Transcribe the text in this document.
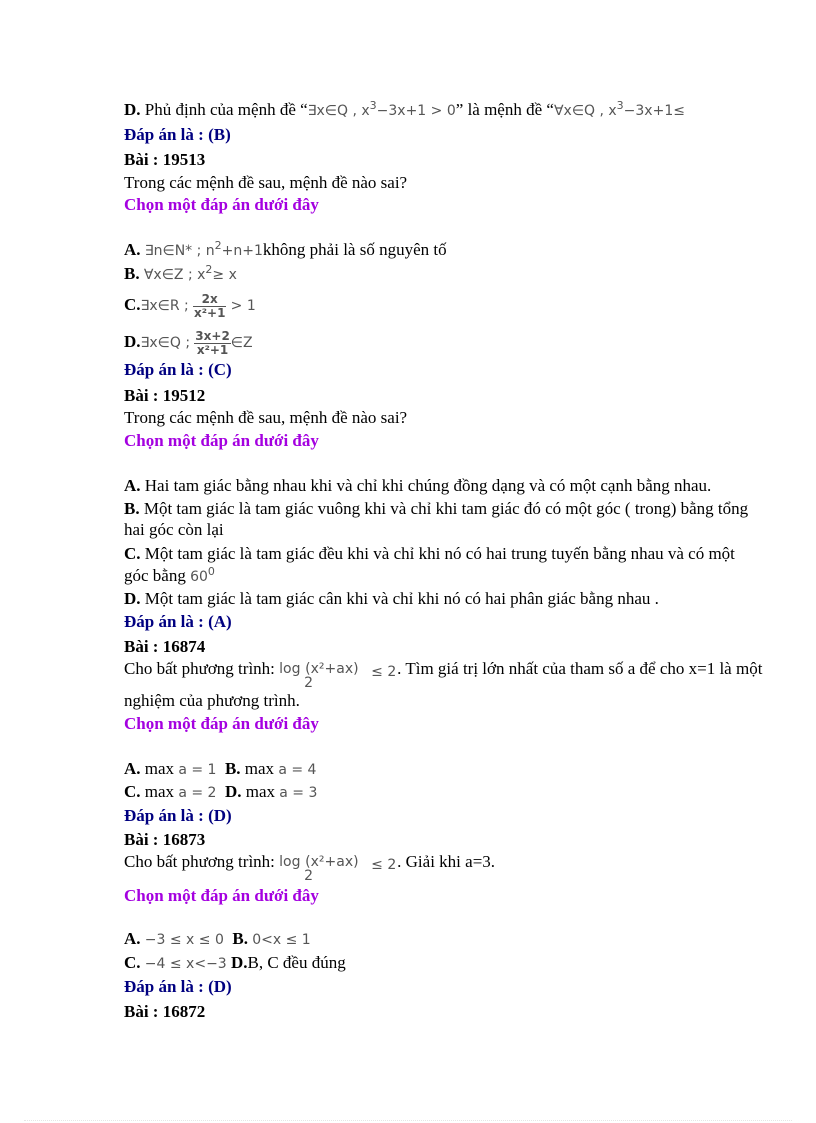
D. Phủ định của mệnh đề “∃x∈Q , $x^3-3x+1 > 0$” là mệnh đề “∀x∈Q , $x^3-3x+1\le$
Đáp án là : (B)
Bài : 19513
Trong các mệnh đề sau, mệnh đề nào sai?
Chọn một đáp án dưới đây
A. ∃n∈N* ; $n^2+n+1không$ phải là số nguyên tố
B. ∀x∈Z ; $x^2\ge x$
C.∃x∈R ; $\frac{2x}{\text{x²+1}} > 1$
D.∃x∈Q ; $\frac{3x+2}{\text{x²+1}}$ ∈Z
Đáp án là : (C)
Bài : 19512
Trong các mệnh đề sau, mệnh đề nào sai?
Chọn một đáp án dưới đây
A. Hai tam giác bằng nhau khi và chỉ khi chúng đồng dạng và có một cạnh bằng nhau.
B. Một tam giác là tam giác vuông khi và chỉ khi tam giác đó có một góc ( trong) bằng tổng
hai góc còn lại
C. Một tam giác là tam giác đều khi và chỉ khi nó có hai trung tuyến bằng nhau và có một
góc bằng $60^0$
D. Một tam giác là tam giác cân khi và chỉ khi nó có hai phân giác bằng nhau .
Đáp án là : (A)
Bài : 16874
Cho bất phương trình: log (x²+ax)
2
≤ 2 . Tìm giá trị lớn nhất của tham số a để cho x=1 là một
nghiệm của phương trình.
Chọn một đáp án dưới đây
A. max a = 1 B. max a = 4
C. max a = 2 D. max a = 3
Đáp án là : (D)
Bài : 16873
Cho bất phương trình: log (x²+ax)
2
≤ 2 . Giải khi a=3.
Chọn một đáp án dưới đây
A. −3 ≤ x ≤ 0 B. 0<x ≤ 1
C. −4 ≤ x<−3 D.B, C đều đúng
Đáp án là : (D)
Bài : 16872
